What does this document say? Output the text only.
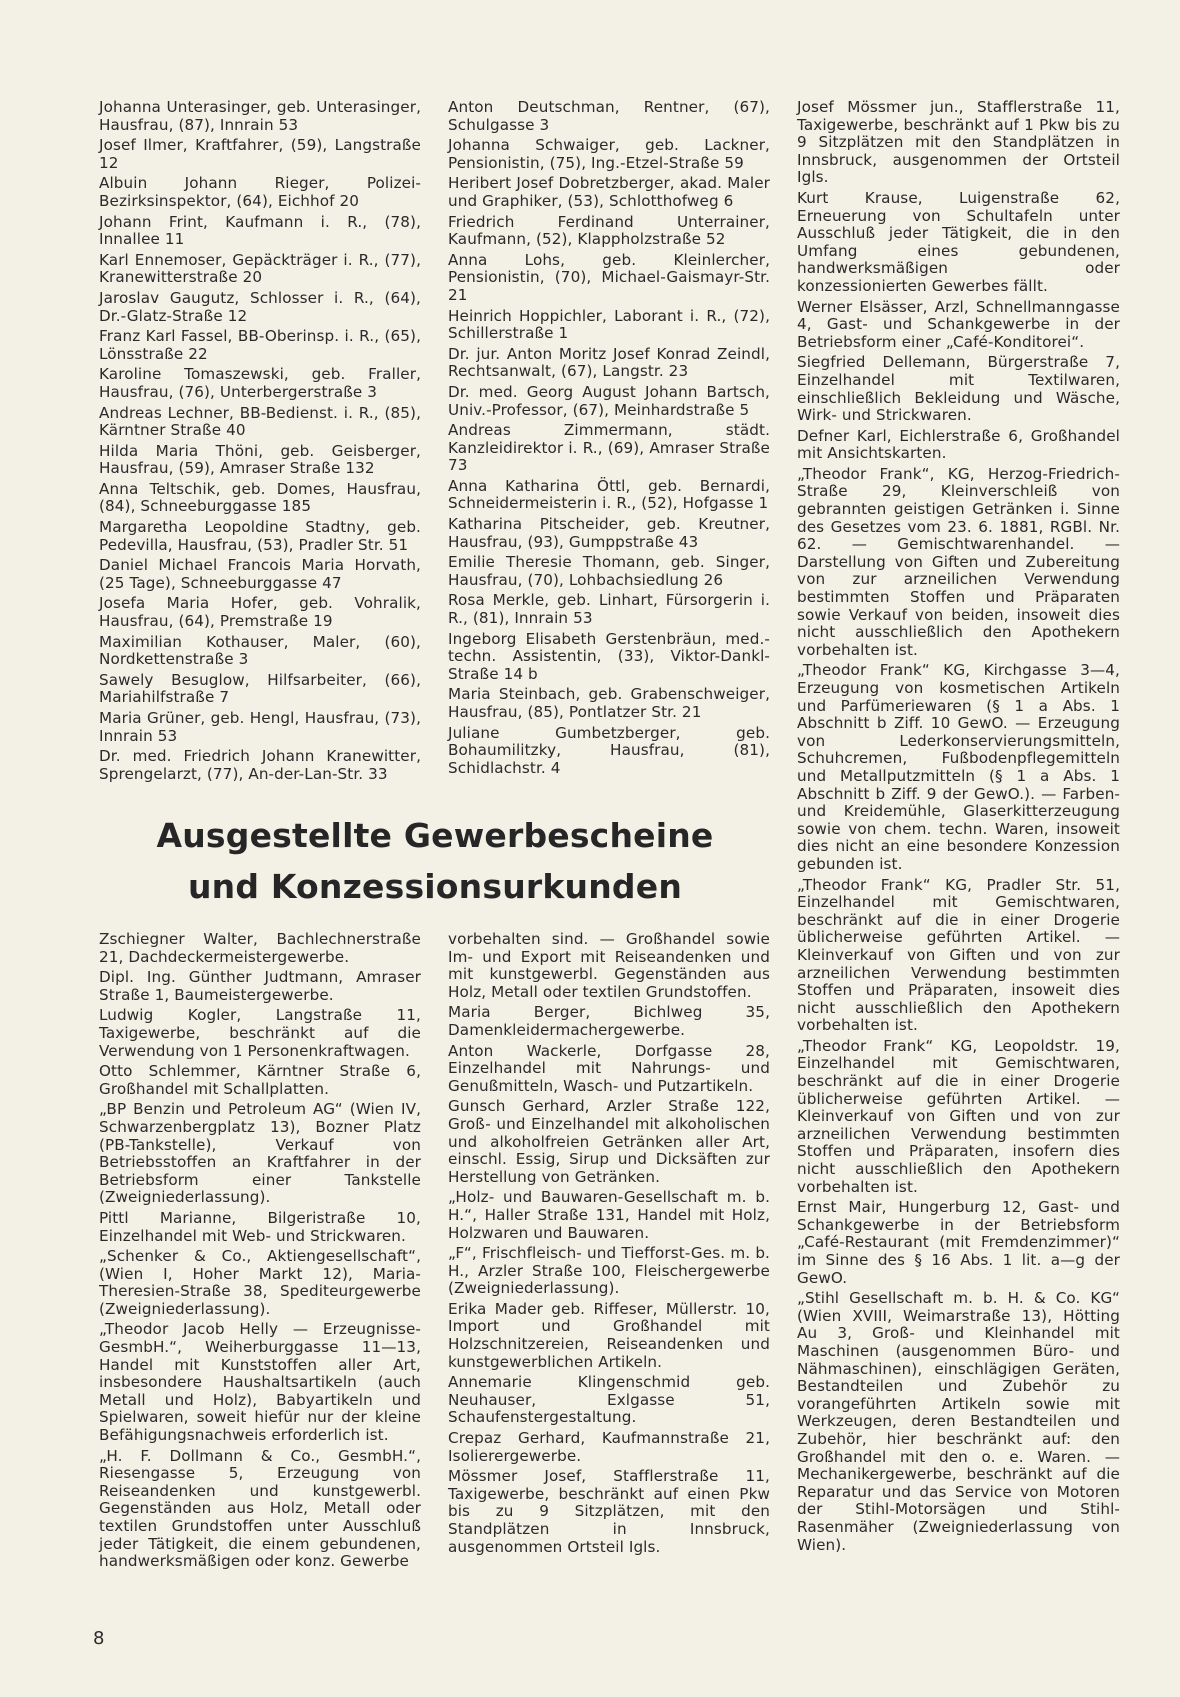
Johanna Unterasinger, geb. Unterasinger, Hausfrau, (87), Innrain 53

Josef Ilmer, Kraftfahrer, (59), Langstraße 12

Albuin Johann Rieger, Polizei-Bezirksinspektor, (64), Eichhof 20

Johann Frint, Kaufmann i. R., (78), Innallee 11

Karl Ennemoser, Gepäckträger i. R., (77), Kranewitterstraße 20

Jaroslav Gaugutz, Schlosser i. R., (64), Dr.-Glatz-Straße 12

Franz Karl Fassel, BB-Oberinsp. i. R., (65), Lönsstraße 22

Karoline Tomaszewski, geb. Fraller, Hausfrau, (76), Unterbergerstraße 3

Andreas Lechner, BB-Bedienst. i. R., (85), Kärntner Straße 40

Hilda Maria Thöni, geb. Geisberger, Hausfrau, (59), Amraser Straße 132

Anna Teltschik, geb. Domes, Hausfrau, (84), Schneeburggasse 185

Margaretha Leopoldine Stadtny, geb. Pedevilla, Hausfrau, (53), Pradler Str. 51

Daniel Michael Francois Maria Horvath, (25 Tage), Schneeburggasse 47

Josefa Maria Hofer, geb. Vohralik, Hausfrau, (64), Premstraße 19

Maximilian Kothauser, Maler, (60), Nordkettenstraße 3

Sawely Besuglow, Hilfsarbeiter, (66), Mariahilfstraße 7

Maria Grüner, geb. Hengl, Hausfrau, (73), Innrain 53

Dr. med. Friedrich Johann Kranewitter, Sprengelarzt, (77), An-der-Lan-Str. 33

Anton Deutschman, Rentner, (67), Schulgasse 3

Johanna Schwaiger, geb. Lackner, Pensionistin, (75), Ing.-Etzel-Straße 59

Heribert Josef Dobretzberger, akad. Maler und Graphiker, (53), Schlotthofweg 6

Friedrich Ferdinand Unterrainer, Kaufmann, (52), Klappholzstraße 52

Anna Lohs, geb. Kleinlercher, Pensionistin, (70), Michael-Gaismayr-Str. 21

Heinrich Hoppichler, Laborant i. R., (72), Schillerstraße 1

Dr. jur. Anton Moritz Josef Konrad Zeindl, Rechtsanwalt, (67), Langstr. 23

Dr. med. Georg August Johann Bartsch, Univ.-Professor, (67), Meinhardstraße 5

Andreas Zimmermann, städt. Kanzleidirektor i. R., (69), Amraser Straße 73

Anna Katharina Öttl, geb. Bernardi, Schneidermeisterin i. R., (52), Hofgasse 1

Katharina Pitscheider, geb. Kreutner, Hausfrau, (93), Gumppstraße 43

Emilie Theresie Thomann, geb. Singer, Hausfrau, (70), Lohbachsiedlung 26

Rosa Merkle, geb. Linhart, Fürsorgerin i. R., (81), Innrain 53

Ingeborg Elisabeth Gerstenbräun, med.-techn. Assistentin, (33), Viktor-Dankl-Straße 14 b

Maria Steinbach, geb. Grabenschweiger, Hausfrau, (85), Pontlatzer Str. 21

Juliane Gumbetzberger, geb. Bohaumilitzky, Hausfrau, (81), Schidlachstr. 4

Josef Mössmer jun., Stafflerstraße 11, Taxigewerbe, beschränkt auf 1 Pkw bis zu 9 Sitzplätzen mit den Standplätzen in Innsbruck, ausgenommen der Ortsteil Igls.

Kurt Krause, Luigenstraße 62, Erneuerung von Schultafeln unter Ausschluß jeder Tätigkeit, die in den Umfang eines gebundenen, handwerksmäßigen oder konzessionierten Gewerbes fällt.

Werner Elsässer, Arzl, Schnellmanngasse 4, Gast- und Schankgewerbe in der Betriebsform einer „Café-Konditorei“.

Siegfried Dellemann, Bürgerstraße 7, Einzelhandel mit Textilwaren, einschließlich Bekleidung und Wäsche, Wirk- und Strickwaren.

Defner Karl, Eichlerstraße 6, Großhandel mit Ansichtskarten.

„Theodor Frank“, KG, Herzog-Friedrich-Straße 29, Kleinverschleiß von gebrannten geistigen Getränken i. Sinne des Gesetzes vom 23. 6. 1881, RGBl. Nr. 62. — Gemischtwarenhandel. — Darstellung von Giften und Zubereitung von zur arzneilichen Verwendung bestimmten Stoffen und Präparaten sowie Verkauf von beiden, insoweit dies nicht ausschließlich den Apothekern vorbehalten ist.

„Theodor Frank“ KG, Kirchgasse 3—4, Erzeugung von kosmetischen Artikeln und Parfümeriewaren (§ 1 a Abs. 1 Abschnitt b Ziff. 10 GewO. — Erzeugung von Lederkonservierungsmitteln, Schuhcremen, Fußbodenpflegemitteln und Metallputzmitteln (§ 1 a Abs. 1 Abschnitt b Ziff. 9 der GewO.). — Farben- und Kreidemühle, Glaserkitterzeugung sowie von chem. techn. Waren, insoweit dies nicht an eine besondere Konzession gebunden ist.

„Theodor Frank“ KG, Pradler Str. 51, Einzelhandel mit Gemischtwaren, beschränkt auf die in einer Drogerie üblicherweise geführten Artikel. — Kleinverkauf von Giften und von zur arzneilichen Verwendung bestimmten Stoffen und Präparaten, insoweit dies nicht ausschließlich den Apothekern vorbehalten ist.

„Theodor Frank“ KG, Leopoldstr. 19, Einzelhandel mit Gemischtwaren, beschränkt auf die in einer Drogerie üblicherweise geführten Artikel. — Kleinverkauf von Giften und von zur arzneilichen Verwendung bestimmten Stoffen und Präparaten, insofern dies nicht ausschließlich den Apothekern vorbehalten ist.

Ernst Mair, Hungerburg 12, Gast- und Schankgewerbe in der Betriebsform „Café-Restaurant (mit Fremdenzimmer)“ im Sinne des § 16 Abs. 1 lit. a—g der GewO.

„Stihl Gesellschaft m. b. H. & Co. KG“ (Wien XVIII, Weimarstraße 13), Hötting Au 3, Groß- und Kleinhandel mit Maschinen (ausgenommen Büro- und Nähmaschinen), einschlägigen Geräten, Bestandteilen und Zubehör zu vorangeführten Artikeln sowie mit Werkzeugen, deren Bestandteilen und Zubehör, hier beschränkt auf: den Großhandel mit den o. e. Waren. — Mechanikergewerbe, beschränkt auf die Reparatur und das Service von Motoren der Stihl-Motorsägen und Stihl-Rasenmäher (Zweigniederlassung von Wien).

Ausgestellte Gewerbescheine
und Konzessionsurkunden

Zschiegner Walter, Bachlechnerstraße 21, Dachdeckermeistergewerbe.

Dipl. Ing. Günther Judtmann, Amraser Straße 1, Baumeistergewerbe.

Ludwig Kogler, Langstraße 11, Taxigewerbe, beschränkt auf die Verwendung von 1 Personenkraftwagen.

Otto Schlemmer, Kärntner Straße 6, Großhandel mit Schallplatten.

„BP Benzin und Petroleum AG“ (Wien IV, Schwarzenbergplatz 13), Bozner Platz (PB-Tankstelle), Verkauf von Betriebsstoffen an Kraftfahrer in der Betriebsform einer Tankstelle (Zweigniederlassung).

Pittl Marianne, Bilgeristraße 10, Einzelhandel mit Web- und Strickwaren.

„Schenker & Co., Aktiengesellschaft“, (Wien I, Hoher Markt 12), Maria-Theresien-Straße 38, Speditеurgewerbe (Zweigniederlassung).

„Theodor Jacob Helly — Erzeugnisse-GesmbH.“, Weiherburggasse 11—13, Handel mit Kunststoffen aller Art, insbesondere Haushaltsartikeln (auch Metall und Holz), Babyartikeln und Spielwaren, soweit hiefür nur der kleine Befähigungsnachweis erforderlich ist.

„H. F. Dollmann & Co., GesmbH.“, Riesengasse 5, Erzeugung von Reiseandenken und kunstgewerbl. Gegenständen aus Holz, Metall oder textilen Grundstoffen unter Ausschluß jeder Tätigkeit, die einem gebundenen, handwerksmäßigen oder konz. Gewerbe

vorbehalten sind. — Großhandel sowie Im- und Export mit Reiseandenken und mit kunstgewerbl. Gegenständen aus Holz, Metall oder textilen Grundstoffen.

Maria Berger, Bichlweg 35, Damenkleidermachergewerbe.

Anton Wackerle, Dorfgasse 28, Einzelhandel mit Nahrungs- und Genußmitteln, Wasch- und Putzartikeln.

Gunsch Gerhard, Arzler Straße 122, Groß- und Einzelhandel mit alkoholischen und alkoholfreien Getränken aller Art, einschl. Essig, Sirup und Dicksäften zur Herstellung von Getränken.

„Holz- und Bauwaren-Gesellschaft m. b. H.“, Haller Straße 131, Handel mit Holz, Holzwaren und Bauwaren.

„F“, Frischfleisch- und Tiefforst-Ges. m. b. H., Arzler Straße 100, Fleischergewerbe (Zweigniederlassung).

Erika Mader geb. Riffeser, Müllerstr. 10, Import und Großhandel mit Holzschnitzereien, Reiseandenken und kunstgewerblichen Artikeln.

Annemarie Klingenschmid geb. Neuhauser, Exlgasse 51, Schaufenstergestaltung.

Crepaz Gerhard, Kaufmannstraße 21, Isolierergewerbe.

Mössmer Josef, Stafflerstraße 11, Taxigewerbe, beschränkt auf einen Pkw bis zu 9 Sitzplätzen, mit den Standplätzen in Innsbruck, ausgenommen Ortsteil Igls.

8
